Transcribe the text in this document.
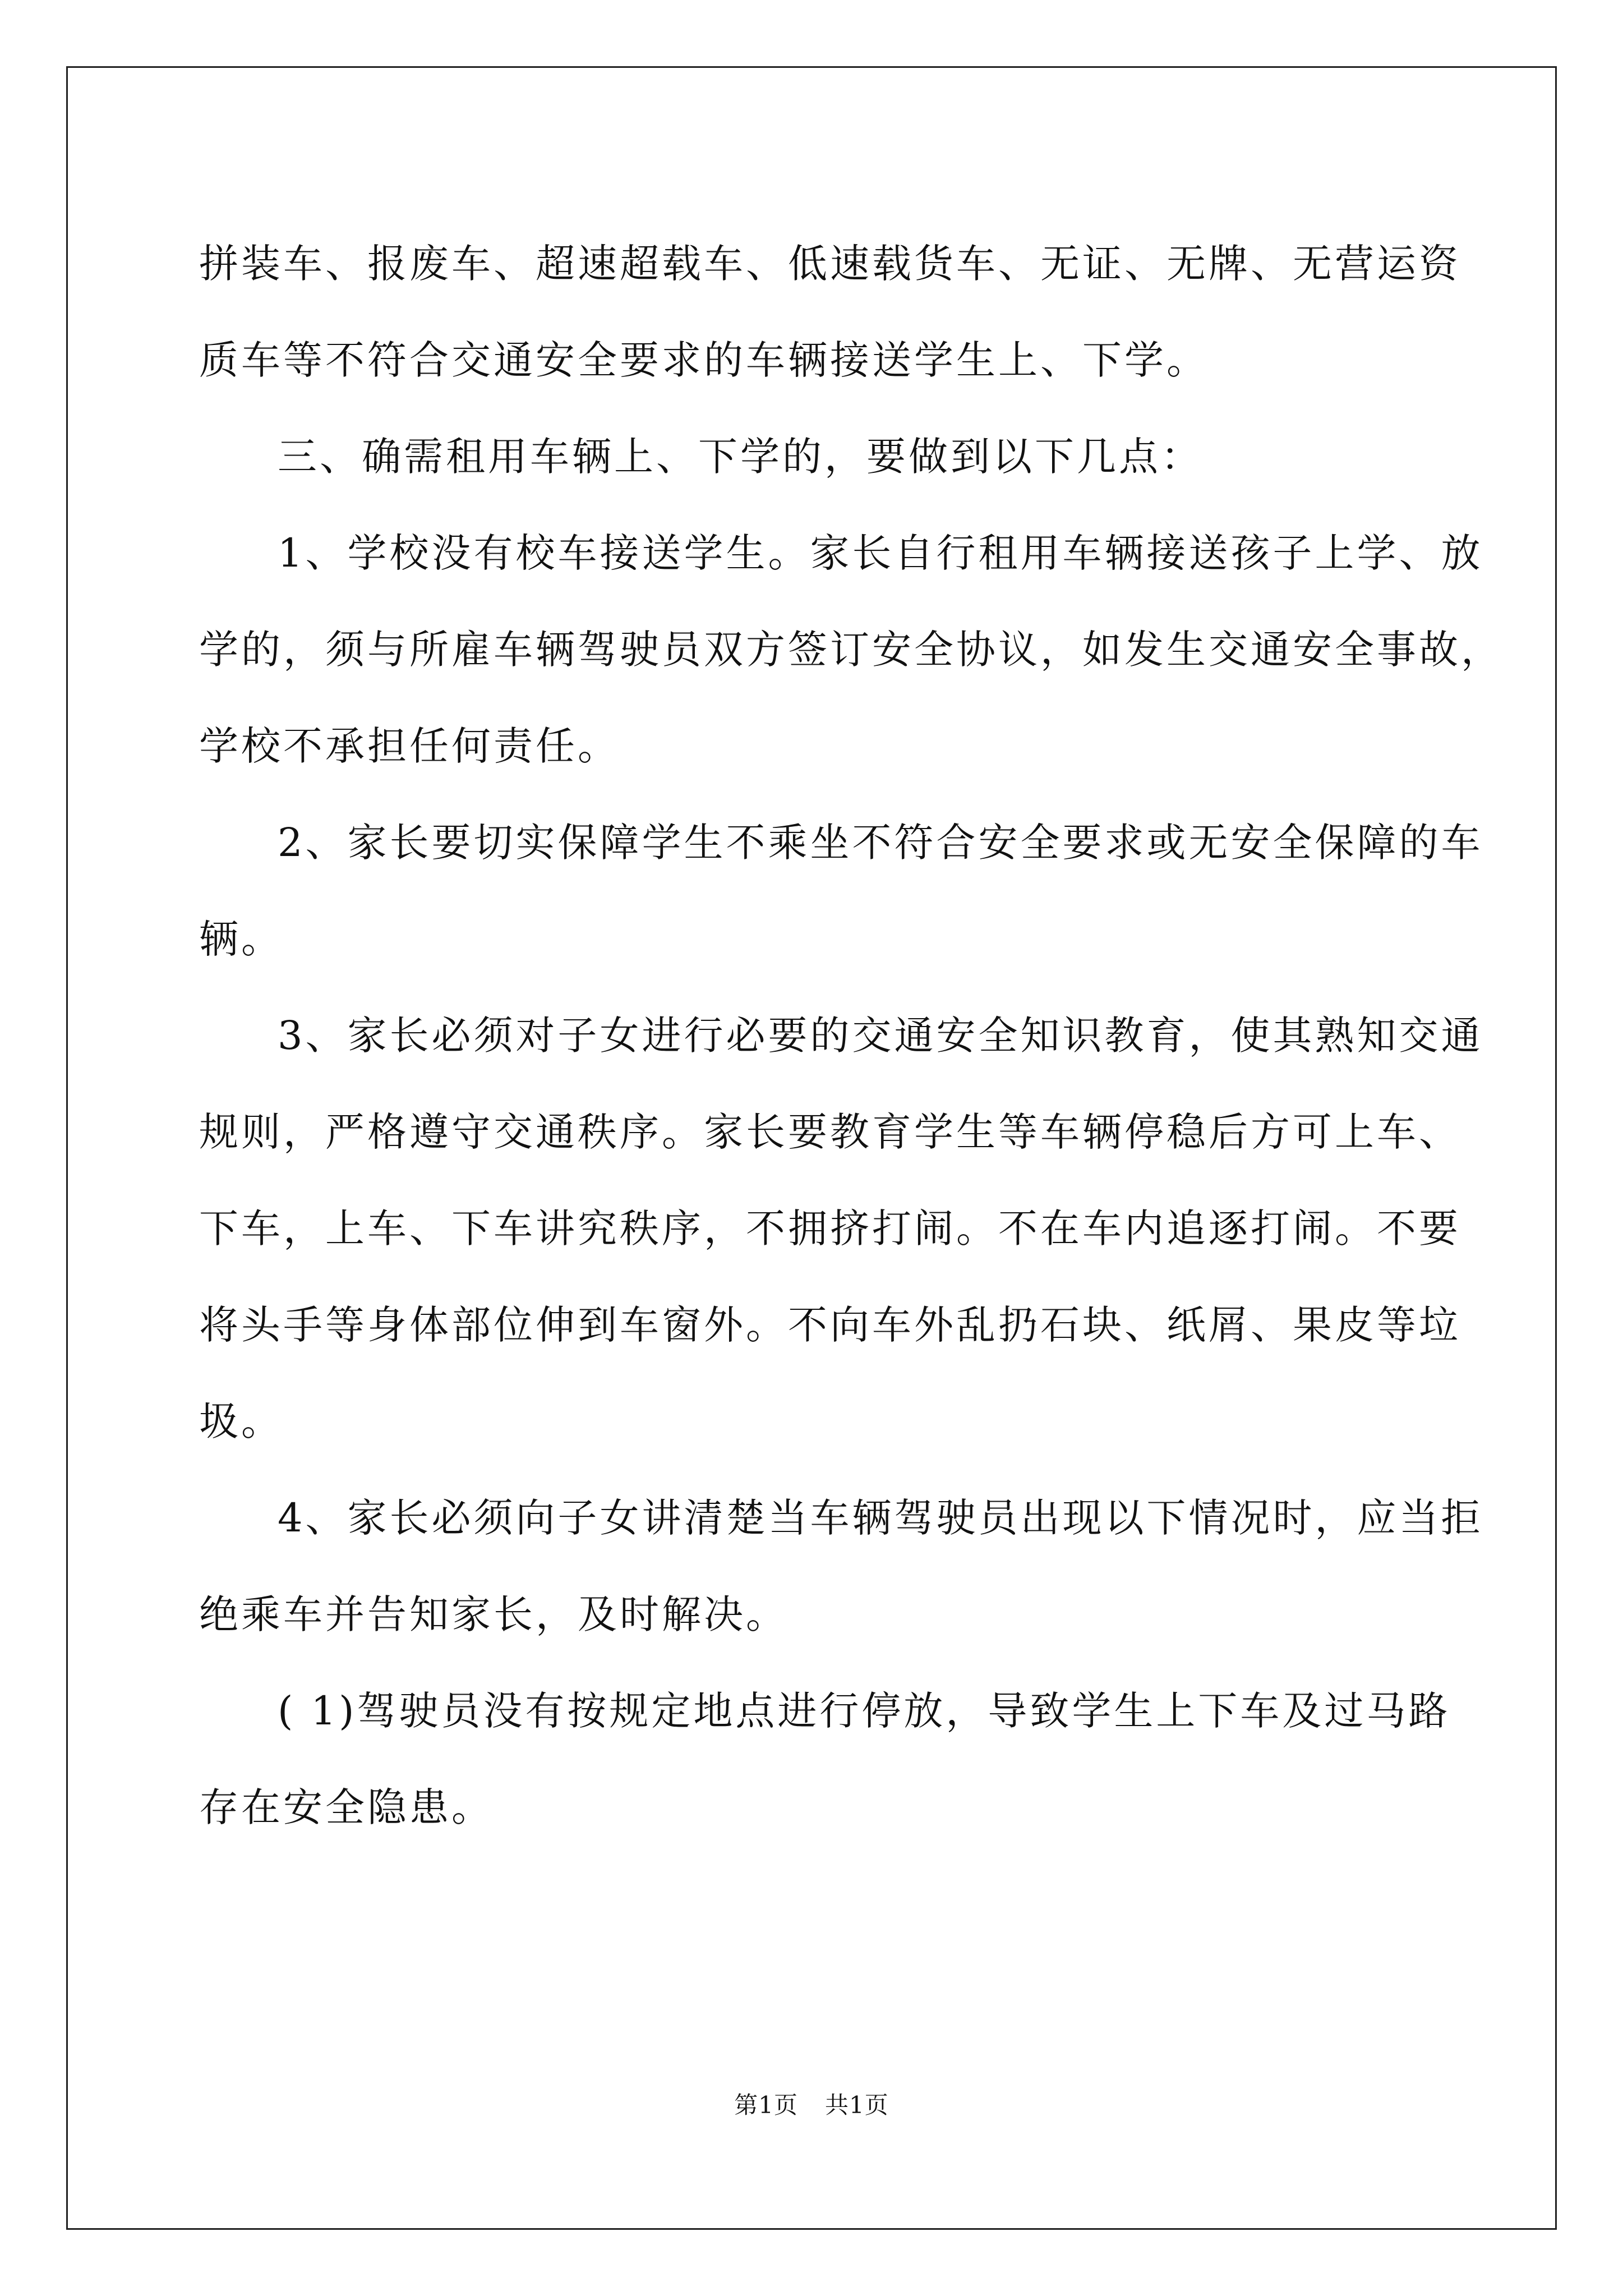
拼装车、报废车、超速超载车、低速载货车、无证、无牌、无营运资
质车等不符合交通安全要求的车辆接送学生上、下学。
三、确需租用车辆上、下学的，要做到以下几点：
1、学校没有校车接送学生。家长自行租用车辆接送孩子上学、放
学的，须与所雇车辆驾驶员双方签订安全协议，如发生交通安全事故，
学校不承担任何责任。
2、家长要切实保障学生不乘坐不符合安全要求或无安全保障的车
辆。
3、家长必须对子女进行必要的交通安全知识教育，使其熟知交通
规则，严格遵守交通秩序。家长要教育学生等车辆停稳后方可上车、
下车，上车、下车讲究秩序，不拥挤打闹。不在车内追逐打闹。不要
将头手等身体部位伸到车窗外。不向车外乱扔石块、纸屑、果皮等垃
圾。
4、家长必须向子女讲清楚当车辆驾驶员出现以下情况时，应当拒
绝乘车并告知家长，及时解决。
( 1)驾驶员没有按规定地点进行停放，导致学生上下车及过马路
存在安全隐患。
第1页 共1页
